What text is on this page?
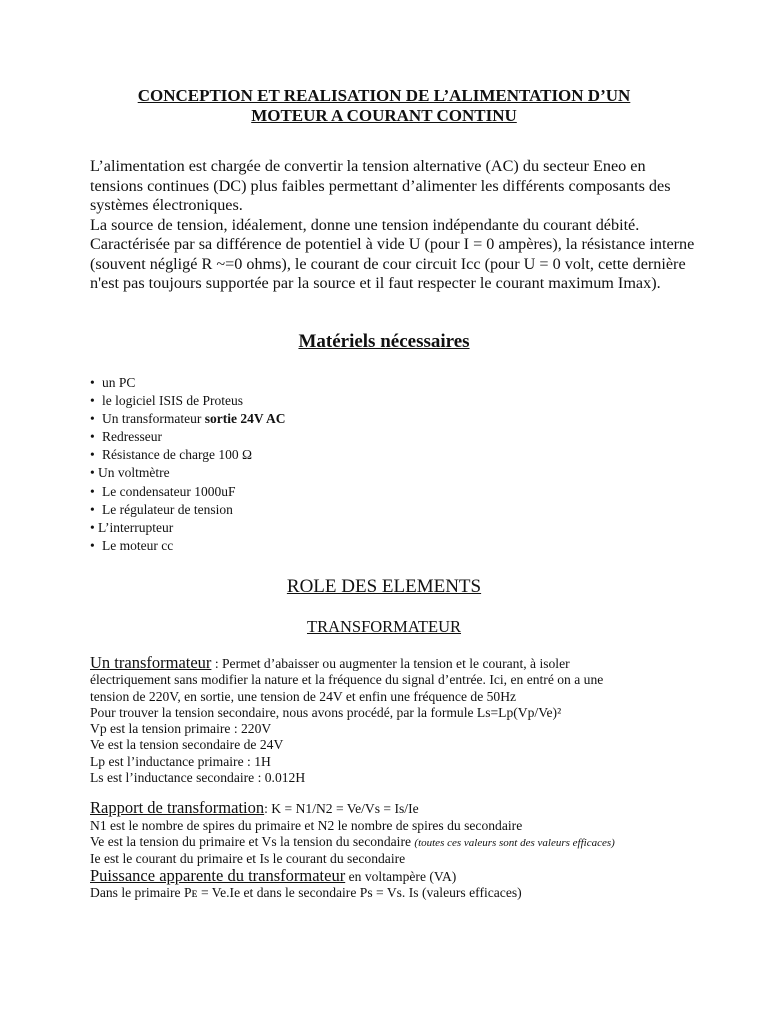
CONCEPTION ET REALISATION DE L’ALIMENTATION D’UN
MOTEUR A COURANT CONTINU

L’alimentation est chargée de convertir la tension alternative (AC) du secteur Eneo en tensions continues (DC) plus faibles permettant d’alimenter les différents composants des systèmes électroniques.

La source de tension, idéalement, donne une tension indépendante du courant débité. Caractérisée par sa différence de potentiel à vide U (pour I = 0 ampères), la résistance interne (souvent négligé R ~=0 ohms), le courant de cour circuit Icc (pour U = 0 volt, cette dernière n'est pas toujours supportée par la source et il faut respecter le courant maximum Imax).

Matériels nécessaires
• un PC
• le logiciel ISIS de Proteus
• Un transformateur sortie 24V AC
• Redresseur
• Résistance de charge 100 Ω
• Un voltmètre
• Le condensateur 1000uF
• Le régulateur de tension
• L’interrupteur
• Le moteur cc
ROLE DES ELEMENTS
TRANSFORMATEUR
Un transformateur : Permet d’abaisser ou augmenter la tension et le courant, à isoler
électriquement sans modifier la nature et la fréquence du signal d’entrée. Ici, en entré on a une
tension de 220V, en sortie, une tension de 24V et enfin une fréquence de 50Hz
Pour trouver la tension secondaire, nous avons procédé, par la formule Ls=Lp(Vp/Ve)²
Vp est la tension primaire : 220V
Ve est la tension secondaire de 24V
Lp est l’inductance primaire : 1H
Ls est l’inductance secondaire : 0.012H
Rapport de transformation: K = N1/N2 = Ve/Vs = Is/Ie
N1 est le nombre de spires du primaire et N2 le nombre de spires du secondaire
Ve est la tension du primaire et Vs la tension du secondaire (toutes ces valeurs sont des valeurs efficaces)
Ie est le courant du primaire et Is le courant du secondaire
Puissance apparente du transformateur en voltampère (VA)
Dans le primaire Pᴇ = Ve.Ie et dans le secondaire Ps = Vs. Is (valeurs efficaces)
